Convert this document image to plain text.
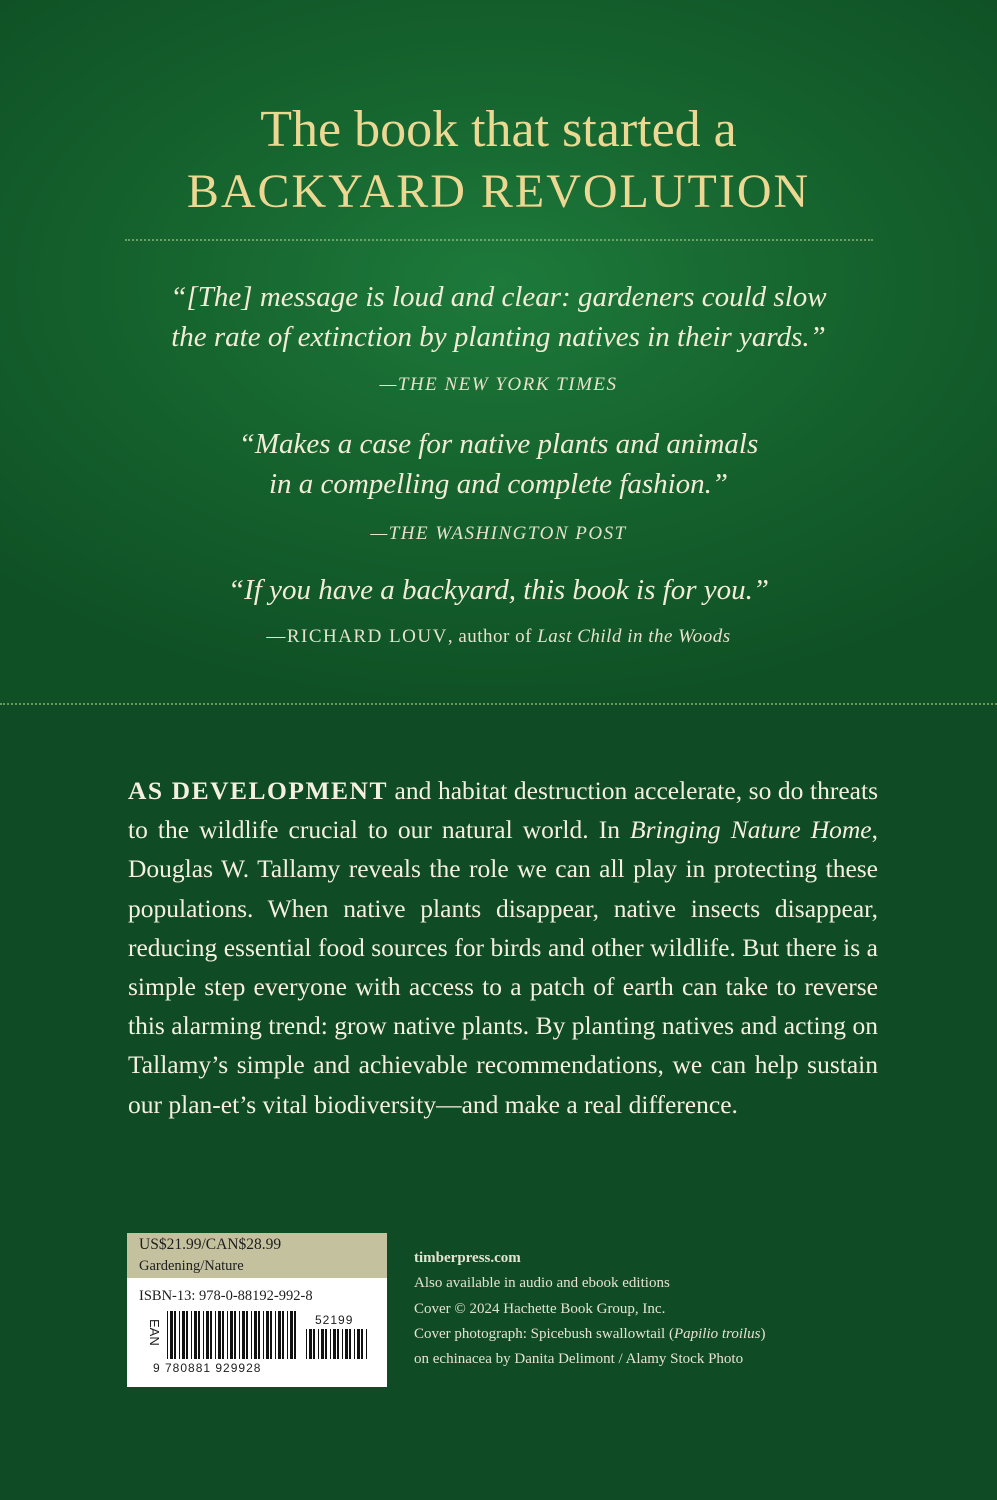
The book that started a
BACKYARD REVOLUTION
“[The] message is loud and clear: gardeners could slow
the rate of extinction by planting natives in their yards.”
—THE NEW YORK TIMES
“Makes a case for native plants and animals
in a compelling and complete fashion.”
—THE WASHINGTON POST
“If you have a backyard, this book is for you.”
—RICHARD LOUV, author of Last Child in the Woods

AS DEVELOPMENT and habitat destruction accelerate, so do threats to the wildlife crucial to our natural world. In Bringing Nature Home, Douglas W. Tallamy reveals the role we can all play in protecting these populations. When native plants disappear, native insects disappear, reducing essential food sources for birds and other wildlife. But there is a simple step everyone with access to a patch of earth can take to reverse this alarming trend: grow native plants. By planting natives and acting on Tallamy’s simple and achievable recommendations, we can help sustain our plan-et’s vital biodiversity—and make a real difference.

US$21.99/CAN$28.99
Gardening/Nature
ISBN-13: 978-0-88192-992-8
EAN	52199
9 780881 929928
timberpress.com
Also available in audio and ebook editions
Cover © 2024 Hachette Book Group, Inc.
Cover photograph: Spicebush swallowtail (Papilio troilus)
on echinacea by Danita Delimont / Alamy Stock Photo
